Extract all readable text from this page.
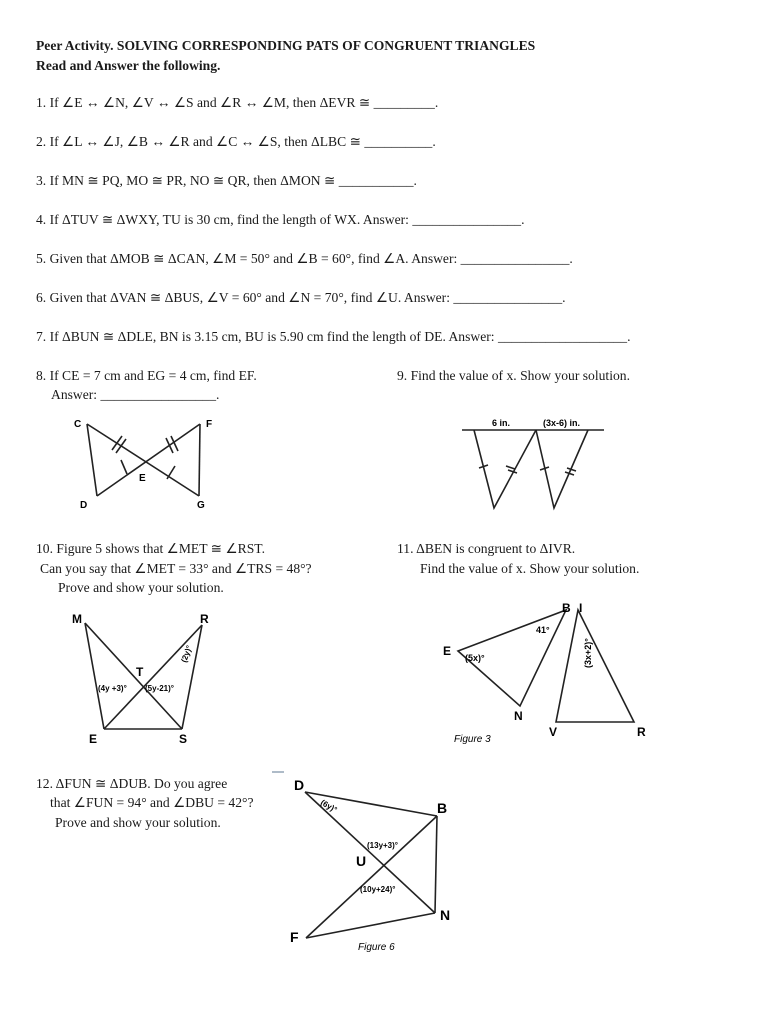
Peer Activity. SOLVING CORRESPONDING PATS OF CONGRUENT TRIANGLES
Read and Answer the following.
1. If ∠E ↔ ∠N, ∠V ↔ ∠S and ∠R ↔ ∠M, then ΔEVR ≅ _________.
2. If ∠L ↔ ∠J, ∠B ↔ ∠R and ∠C ↔ ∠S, then ΔLBC ≅ __________.
3. If MN ≅ PQ, MO ≅ PR, NO ≅ QR, then ΔMON ≅ ___________.
4. If ΔTUV ≅ ΔWXY, TU is 30 cm, find the length of WX. Answer: ________________.
5. Given that ΔMOB ≅ ΔCAN, ∠M = 50° and ∠B = 60°, find ∠A. Answer: ________________.
6. Given that ΔVAN ≅ ΔBUS, ∠V = 60° and ∠N = 70°, find ∠U. Answer: ________________.
7. If ΔBUN ≅ ΔDLE, BN is 3.15 cm, BU is 5.90 cm find the length of DE. Answer: ___________________.
8. If CE = 7 cm and EG = 4 cm, find EF.
Answer: _________________.
9. Find the value of x. Show your solution.
C	F
E
D	G
6 in.	(3x-6) in.
10. Figure 5 shows that ∠MET ≅ ∠RST.
Can you say that ∠MET = 33° and ∠TRS = 48°?
Prove and show your solution.
11. ΔBEN is congruent to ΔIVR.
Find the value of x. Show your solution.
M	R
T
E	S
(4y +3)° (5y-21)°
(2y)°
B I
E
N
V	R
41°
(5x)°	(3x+2)°
Figure 3
12. ΔFUN ≅ ΔDUB. Do you agree
that ∠FUN = 94° and ∠DBU = 42°?
Prove and show your solution.
D
B
U
N
F
(6y)°
(13y+3)°
(10y+24)°
Figure 6
